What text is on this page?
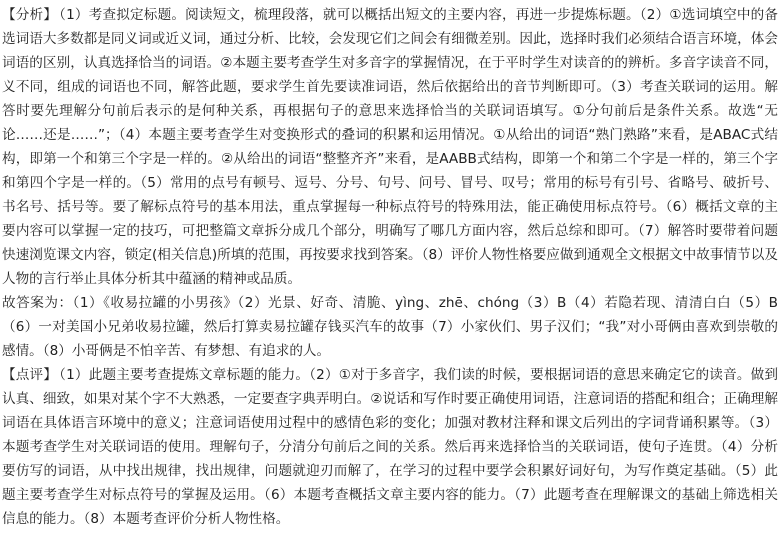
【分析】 （1）考查拟定标题。阅读短文，梳理段落，就可以概括出短文的主要内容，再进一步提炼标题。（2）①选词填空中的备选词语大多数都是同义词或近义词，通过分析、比较，会发现它们之间会有细微差别。因此，选择时我们必须结合语言环境，体会词语的区别，认真选择恰当的词语。②本题主要考查学生对多音字的掌握情况，在于平时学生对读音的的辨析。多音字读音不同，义不同，组成的词语也不同，解答此题，要求学生首先要读准词语，然后依据给出的音节判断即可。（3）考查关联词的运用。解答时要先理解分句前后表示的是何种关系，再根据句子的意思来选择恰当的关联词语填写。①分句前后是条件关系。故选“无论……还是……”；（4）本题主要考查学生对变换形式的叠词的积累和运用情况。①从给出的词语“熟门熟路”来看，是ABAC式结构，即第一个和第三个字是一样的。②从给出的词语“整整齐齐”来看，是AABB式结构，即第一个和第二个字是一样的，第三个字和第四个字是一样的。（5）常用的点号有顿号、逗号、分号、句号、问号、冒号、叹号；常用的标号有引号、省略号、破折号、书名号、括号等。要了解标点符号的基本用法，重点掌握每一种标点符号的特殊用法，能正确使用标点符号。（6）概括文章的主要内容可以掌握一定的技巧，可把整篇文章拆分成几个部分，明确写了哪几方面内容，然后总综和即可。（7）解答时要带着问题快速浏览课文内容，锁定(相关信息)所填的范围，再按要求找到答案。（8）评价人物性格要应做到通观全文根据文中故事情节以及人物的言行举止具体分析其中蕴涵的精神或品质。

故答案为：（1）《收易拉罐的小男孩》（2）光景、好奇、清脆、yìng、zhē、chóng（3）B（4）若隐若现、清清白白（5）B（6）一对美国小兄弟收易拉罐，然后打算卖易拉罐存钱买汽车的故事（7）小家伙们、男子汉们；“我”对小哥俩由喜欢到崇敬的感情。（8）小哥俩是不怕辛苦、有梦想、有追求的人。

【点评】 （1）此题主要考查提炼文章标题的能力。（2）①对于多音字，我们读的时候，要根据词语的意思来确定它的读音。做到认真、细致，如果对某个字不大熟悉，一定要查字典弄明白。②说话和写作时要正确使用词语，注意词语的搭配和组合；正确理解词语在具体语言环境中的意义；注意词语使用过程中的感情色彩的变化；加强对教材注释和课文后列出的字词背诵积累等。（3）本题考查学生对关联词语的使用。理解句子，分清分句前后之间的关系。然后再来选择恰当的关联词语，使句子连贯。（4）分析要仿写的词语，从中找出规律，找出规律，问题就迎刃而解了，在学习的过程中要学会积累好词好句，为写作奠定基础。（5）此题主要考查学生对标点符号的掌握及运用。（6）本题考查概括文章主要内容的能力。（7）此题考查在理解课文的基础上筛选相关信息的能力。（8）本题考查评价分析人物性格。
